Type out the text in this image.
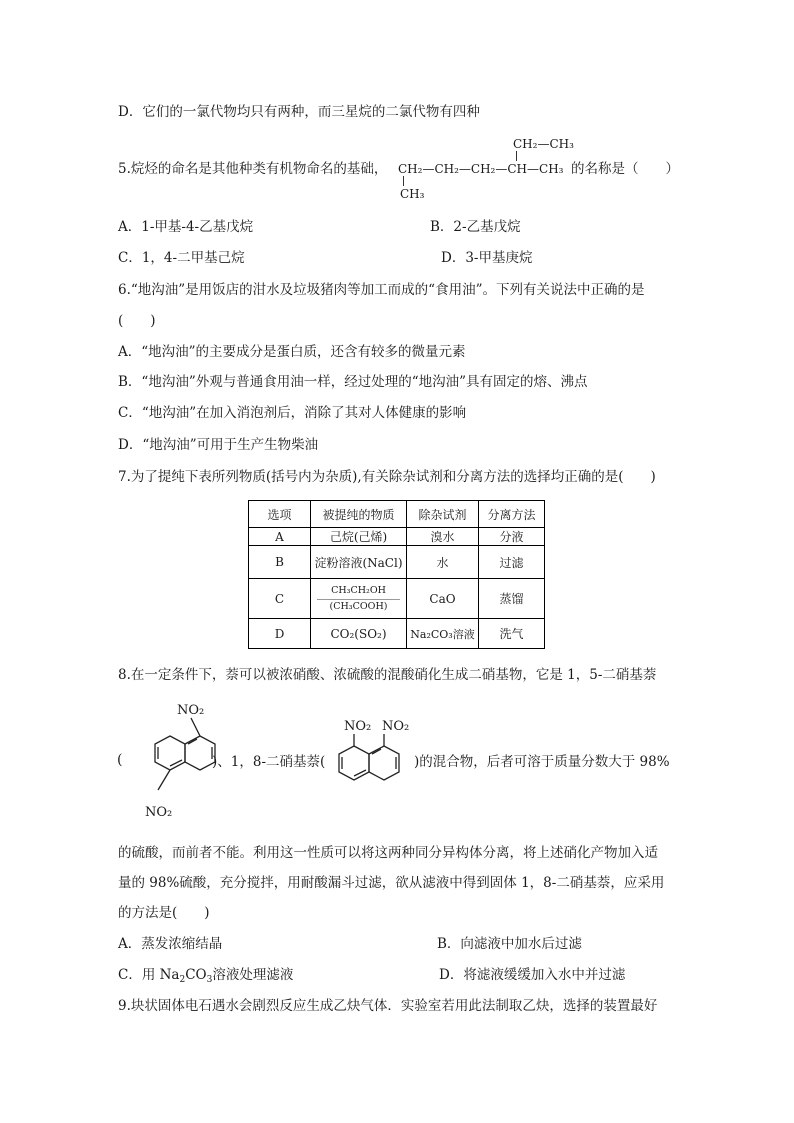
D．它们的一氯代物均只有两种，而三星烷的二氯代物有四种
CH₂—CH₃
5.烷烃的命名是其他种类有机物命名的基础， CH₂—CH₂—CH₂—CH—CH₃ 的名称是（　　）
CH₃
A．1-甲基-4-乙基戊烷	B．2-乙基戊烷
C．1，4-二甲基己烷	D．3-甲基庚烷
6.“地沟油”是用饭店的泔水及垃圾猪肉等加工而成的“食用油”。下列有关说法中正确的是
(　　)
A．“地沟油”的主要成分是蛋白质，还含有较多的微量元素
B．“地沟油”外观与普通食用油一样，经过处理的“地沟油”具有固定的熔、沸点
C．“地沟油”在加入消泡剂后，消除了其对人体健康的影响
D．“地沟油”可用于生产生物柴油
7.为了提纯下表所列物质(括号内为杂质),有关除杂试剂和分离方法的选择均正确的是(　　)
选项	被提纯的物质	除杂试剂	分离方法
A	己烷(己烯)	溴水	分液
B	淀粉溶液(NaCl)	水	过滤
C	CH₃CH₂OH
(CH₃COOH)	CaO	蒸馏
D	CO₂(SO₂)	Na₂CO₃溶液	洗气
8.在一定条件下，萘可以被浓硝酸、浓硫酸的混酸硝化生成二硝基物，它是 1，5-二硝基萘
NO₂
NO₂
(	)、1，8-二硝基萘(
NO₂ NO₂
)的混合物，后者可溶于质量分数大于 98%
的硫酸，而前者不能。利用这一性质可以将这两种同分异构体分离，将上述硝化产物加入适
量的 98%硫酸，充分搅拌，用耐酸漏斗过滤，欲从滤液中得到固体 1，8-二硝基萘，应采用
的方法是(　　)
A．蒸发浓缩结晶	B．向滤液中加水后过滤
C．用 $Na_2CO_3$溶液处理滤液	D．将滤液缓缓加入水中并过滤
9.块状固体电石遇水会剧烈反应生成乙炔气体．实验室若用此法制取乙炔，选择的装置最好
